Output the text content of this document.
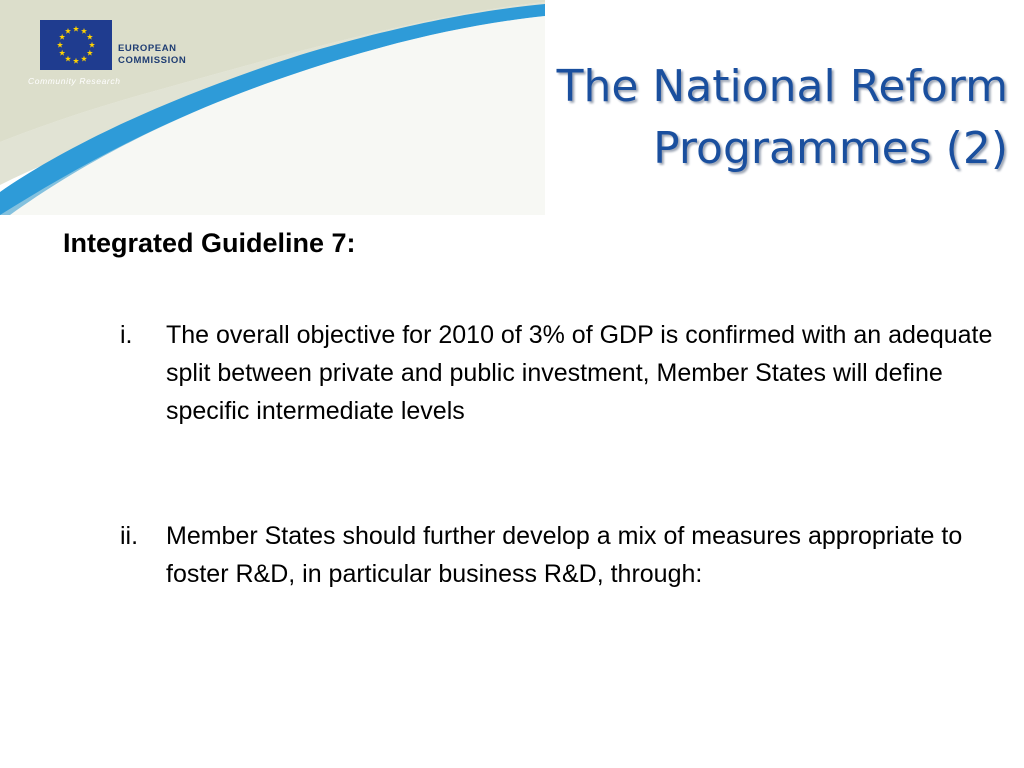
EUROPEAN
COMMISSION
Community Research	The National Reform
Programmes (2)
Integrated Guideline 7:
i. The overall objective for 2010 of 3% of GDP is confirmed with an adequate split between private and public investment, Member States will define specific intermediate levels
ii. Member States should further develop a mix of measures appropriate to foster R&D, in particular business R&D, through:
